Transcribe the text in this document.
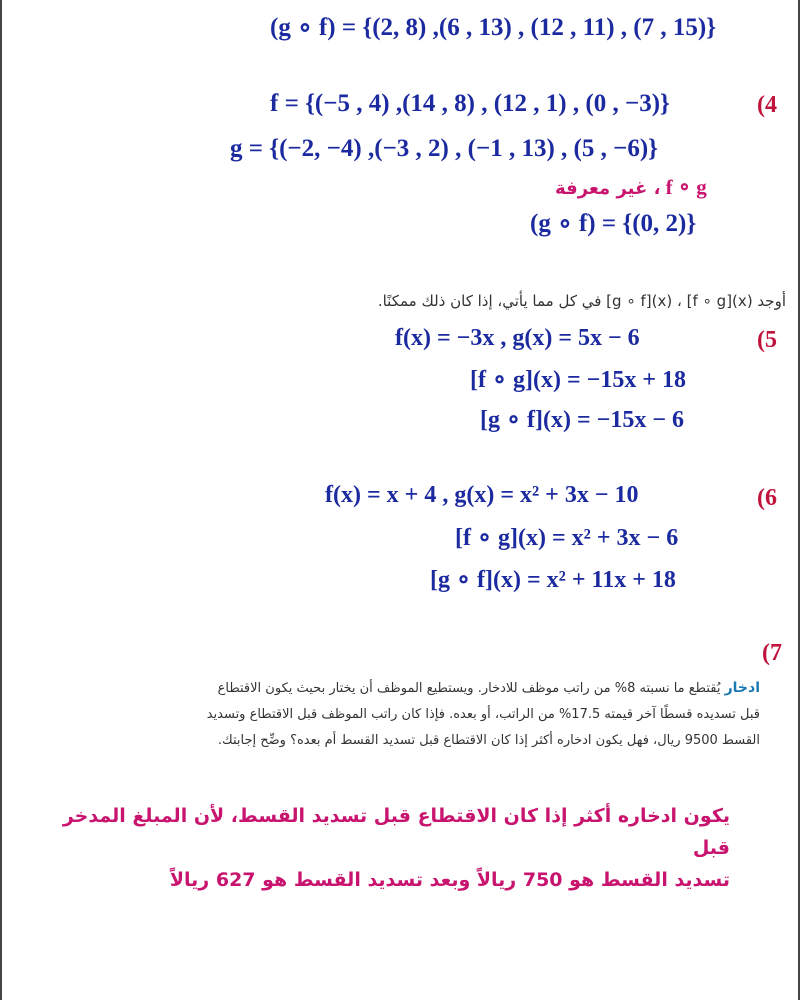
(g ∘ f) = {(2, 8) ,(6 , 13) , (12 , 11) , (7 , 15)}
(4
f = {(−5 , 4) ,(14 , 8) , (12 , 1) , (0 , −3)}
g = {(−2, −4) ,(−3 , 2) , (−1 , 13) , (5 , −6)}
، غير معرفة f ∘ g
(g ∘ f) = {(0, 2)}
أوجد (x)[f ∘ g] ، (x)[g ∘ f] في كل مما يأتي، إذا كان ذلك ممكنًا.
(5
f(x) = −3x , g(x) = 5x − 6
[f ∘ g](x) = −15x + 18
[g ∘ f](x) = −15x − 6
(6
f(x) = x + 4 , g(x) = x² + 3x − 10
[f ∘ g](x) = x² + 3x − 6
[g ∘ f](x) = x² + 11x + 18
(7
ادخار يُقتطع ما نسبته 8% من راتب موظف للادخار. ويستطيع الموظف أن يختار بحيث يكون الاقتطاع
قبل تسديده قسطًا آخر قيمته 17.5% من الراتب، أو بعده. فإذا كان راتب الموظف قبل الاقتطاع وتسديد
القسط 9500 ريال، فهل يكون ادخاره أكثر إذا كان الاقتطاع قبل تسديد القسط أم بعده؟ وضِّح إجابتك.
يكون ادخاره أكثر إذا كان الاقتطاع قبل تسديد القسط، لأن المبلغ المدخر قبل
تسديد القسط هو 750 ريالاً وبعد تسديد القسط هو 627 ريالاً
